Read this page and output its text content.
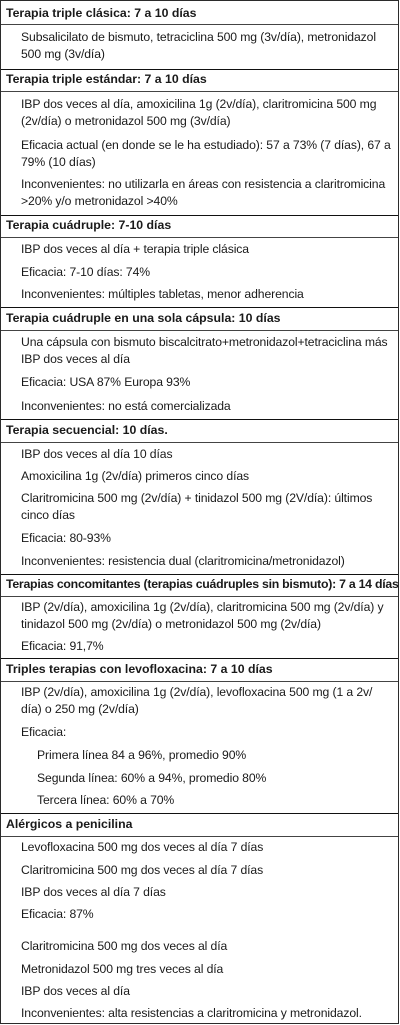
Terapia triple clásica: 7 a 10 días
Subsalicilato de bismuto, tetraciclina 500 mg (3v/día), metronidazol 500 mg (3v/día)
Terapia triple estándar: 7 a 10 días
IBP dos veces al día, amoxicilina 1g (2v/día), claritromicina 500 mg (2v/día) o metronidazol 500 mg (3v/día)
Eficacia actual (en donde se le ha estudiado): 57 a 73% (7 días), 67 a 79% (10 días)
Inconvenientes: no utilizarla en áreas con resistencia a claritromicina >20% y/o metronidazol >40%
Terapia cuádruple: 7-10 días
IBP dos veces al día + terapia triple clásica
Eficacia: 7-10 días: 74%
Inconvenientes: múltiples tabletas, menor adherencia
Terapia cuádruple en una sola cápsula: 10 días
Una cápsula con bismuto biscalcitrato+metronidazol+tetraciclina más IBP dos veces al día
Eficacia: USA 87% Europa 93%
Inconvenientes: no está comercializada
Terapia secuencial: 10 días.
IBP dos veces al día 10 días
Amoxicilina 1g (2v/día) primeros cinco días
Claritromicina 500 mg (2v/día) + tinidazol 500 mg (2V/día): últimos cinco días
Eficacia: 80-93%
Inconvenientes: resistencia dual (claritromicina/metronidazol)
Terapias concomitantes (terapias cuádruples sin bismuto): 7 a 14 días
IBP (2v/día), amoxicilina 1g (2v/día), claritromicina 500 mg (2v/día) y tinidazol 500 mg (2v/día) o metronidazol 500 mg (2v/día)
Eficacia: 91,7%
Triples terapias con levofloxacina: 7 a 10 días
IBP (2v/día), amoxicilina 1g (2v/día), levofloxacina 500 mg (1 a 2v/ día) o 250 mg (2v/día)
Eficacia:
Primera línea 84 a 96%, promedio 90%
Segunda línea: 60% a 94%, promedio 80%
Tercera línea: 60% a 70%
Alérgicos a penicilina
Levofloxacina 500 mg dos veces al día 7 días
Claritromicina 500 mg dos veces al día 7 días
IBP dos veces al día 7 días
Eficacia: 87%
Claritromicina 500 mg dos veces al día
Metronidazol 500 mg tres veces al día
IBP dos veces al día
Inconvenientes: alta resistencias a claritromicina y metronidazol.
